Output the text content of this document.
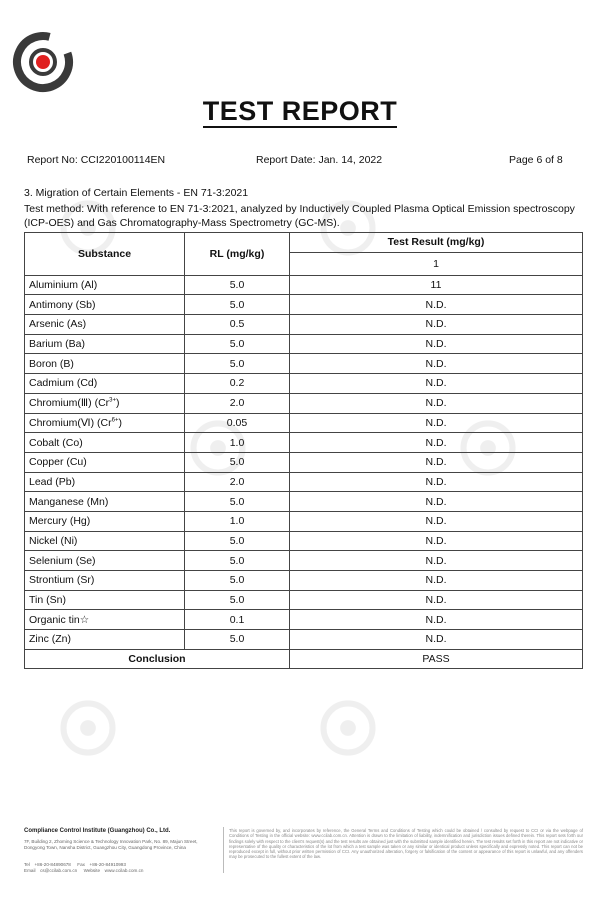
TEST REPORT
Report No: CCI220100114EN	Report Date: Jan. 14, 2022	Page 6 of 8
3. Migration of Certain Elements - EN 71-3:2021
Test method: With reference to EN 71-3:2021, analyzed by Inductively Coupled Plasma Optical Emission spectroscopy (ICP-OES) and Gas Chromatography-Mass Spectrometry (GC-MS).
Substance	RL (mg/kg)	Test Result (mg/kg)
		1
Aluminium (Al)	5.0	11
Antimony (Sb)	5.0	N.D.
Arsenic (As)	0.5	N.D.
Barium (Ba)	5.0	N.D.
Boron (B)	5.0	N.D.
Cadmium (Cd)	0.2	N.D.
Chromium(Ⅲ) $(Cr^{3+})$	2.0	N.D.
Chromium(Ⅵ) $(Cr^{6+})$	0.05	N.D.
Cobalt (Co)	1.0	N.D.
Copper (Cu)	5.0	N.D.
Lead (Pb)	2.0	N.D.
Manganese (Mn)	5.0	N.D.
Mercury (Hg)	1.0	N.D.
Nickel (Ni)	5.0	N.D.
Selenium (Se)	5.0	N.D.
Strontium (Sr)	5.0	N.D.
Tin (Sn)	5.0	N.D.
Organic tin☆	0.1	N.D.
Zinc (Zn)	5.0	N.D.
Conclusion		PASS
Compliance Control Institute (Guangzhou) Co., Ltd.
7F, Building 2, Zhoming Science & Technology Innovation Park, No. 89, Majun Street, Dongyong Town, Nansha District, Guangzhou City, Guangdong Province, China
Tel　+86-20-84890678 Fax　+86-20-84910993
Email　cs@ccilab.com.cn Website　www.ccilab.com.cn
This report is governed by, and incorporates by reference, the General Terms and Conditions of Testing which could be obtained / consulted by request to CCI or via the webpage of Conditions of Testing in the official website: www.ccilab.com.cn. Attention is drawn to the limitation of liability, indemnification and jurisdiction issues defined therein. This report sets forth our findings solely with respect to the client's request(s) and the test results are obtained just with the submitted sample identified herein. The test results set forth in this report are not indicative or representative of the quality or characteristics of the lot from which a test sample was taken or any similar or identical product unless specifically and expressly noted. This report can not be reproduced except in full, without prior written permission of CCI. Any unauthorized alteration, forgery or falsification of the content or appearance of this report is unlawful, and any offenders may be prosecuted to the fullest extent of the law.
